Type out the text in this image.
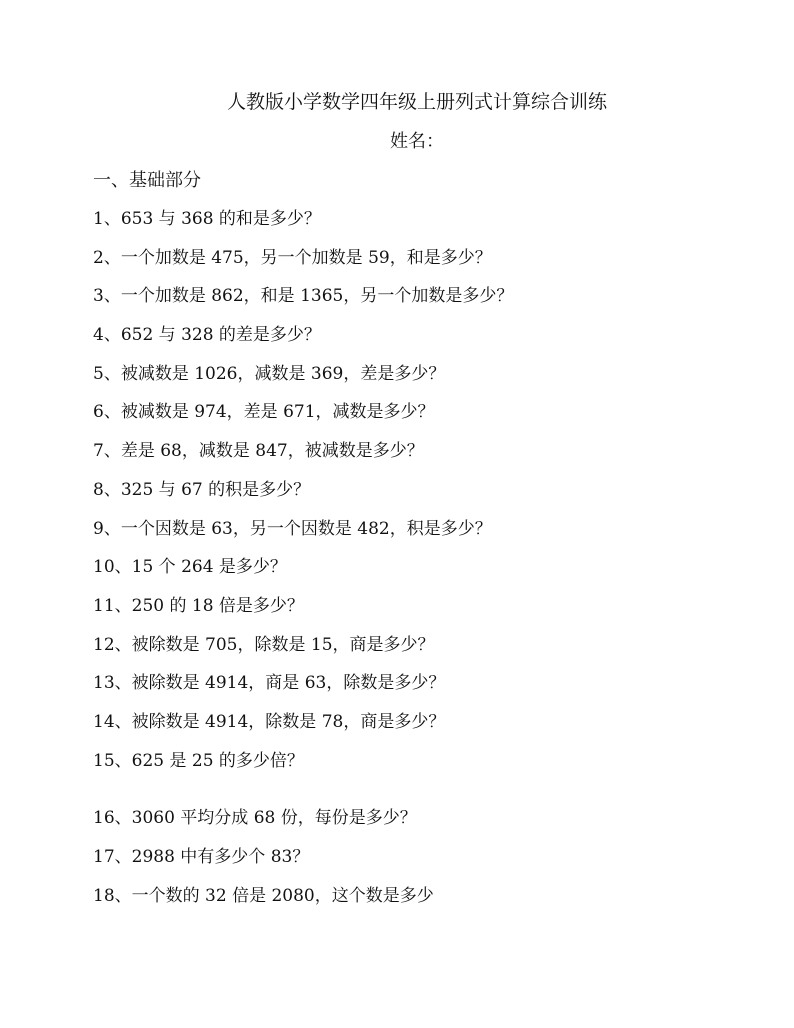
人教版小学数学四年级上册列式计算综合训练
姓名：
一、基础部分
1、653 与 368 的和是多少？
2、一个加数是 475，另一个加数是 59，和是多少？
3、一个加数是 862，和是 1365，另一个加数是多少？
4、652 与 328 的差是多少？
5、被减数是 1026，减数是 369，差是多少？
6、被减数是 974，差是 671，减数是多少？
7、差是 68，减数是 847，被减数是多少？
8、325 与 67 的积是多少？
9、一个因数是 63，另一个因数是 482，积是多少？
10、15 个 264 是多少？
11、250 的 18 倍是多少？
12、被除数是 705，除数是 15，商是多少？
13、被除数是 4914，商是 63，除数是多少？
14、被除数是 4914，除数是 78，商是多少？
15、625 是 25 的多少倍？
16、3060 平均分成 68 份，每份是多少？
17、2988 中有多少个 83？
18、一个数的 32 倍是 2080，这个数是多少
